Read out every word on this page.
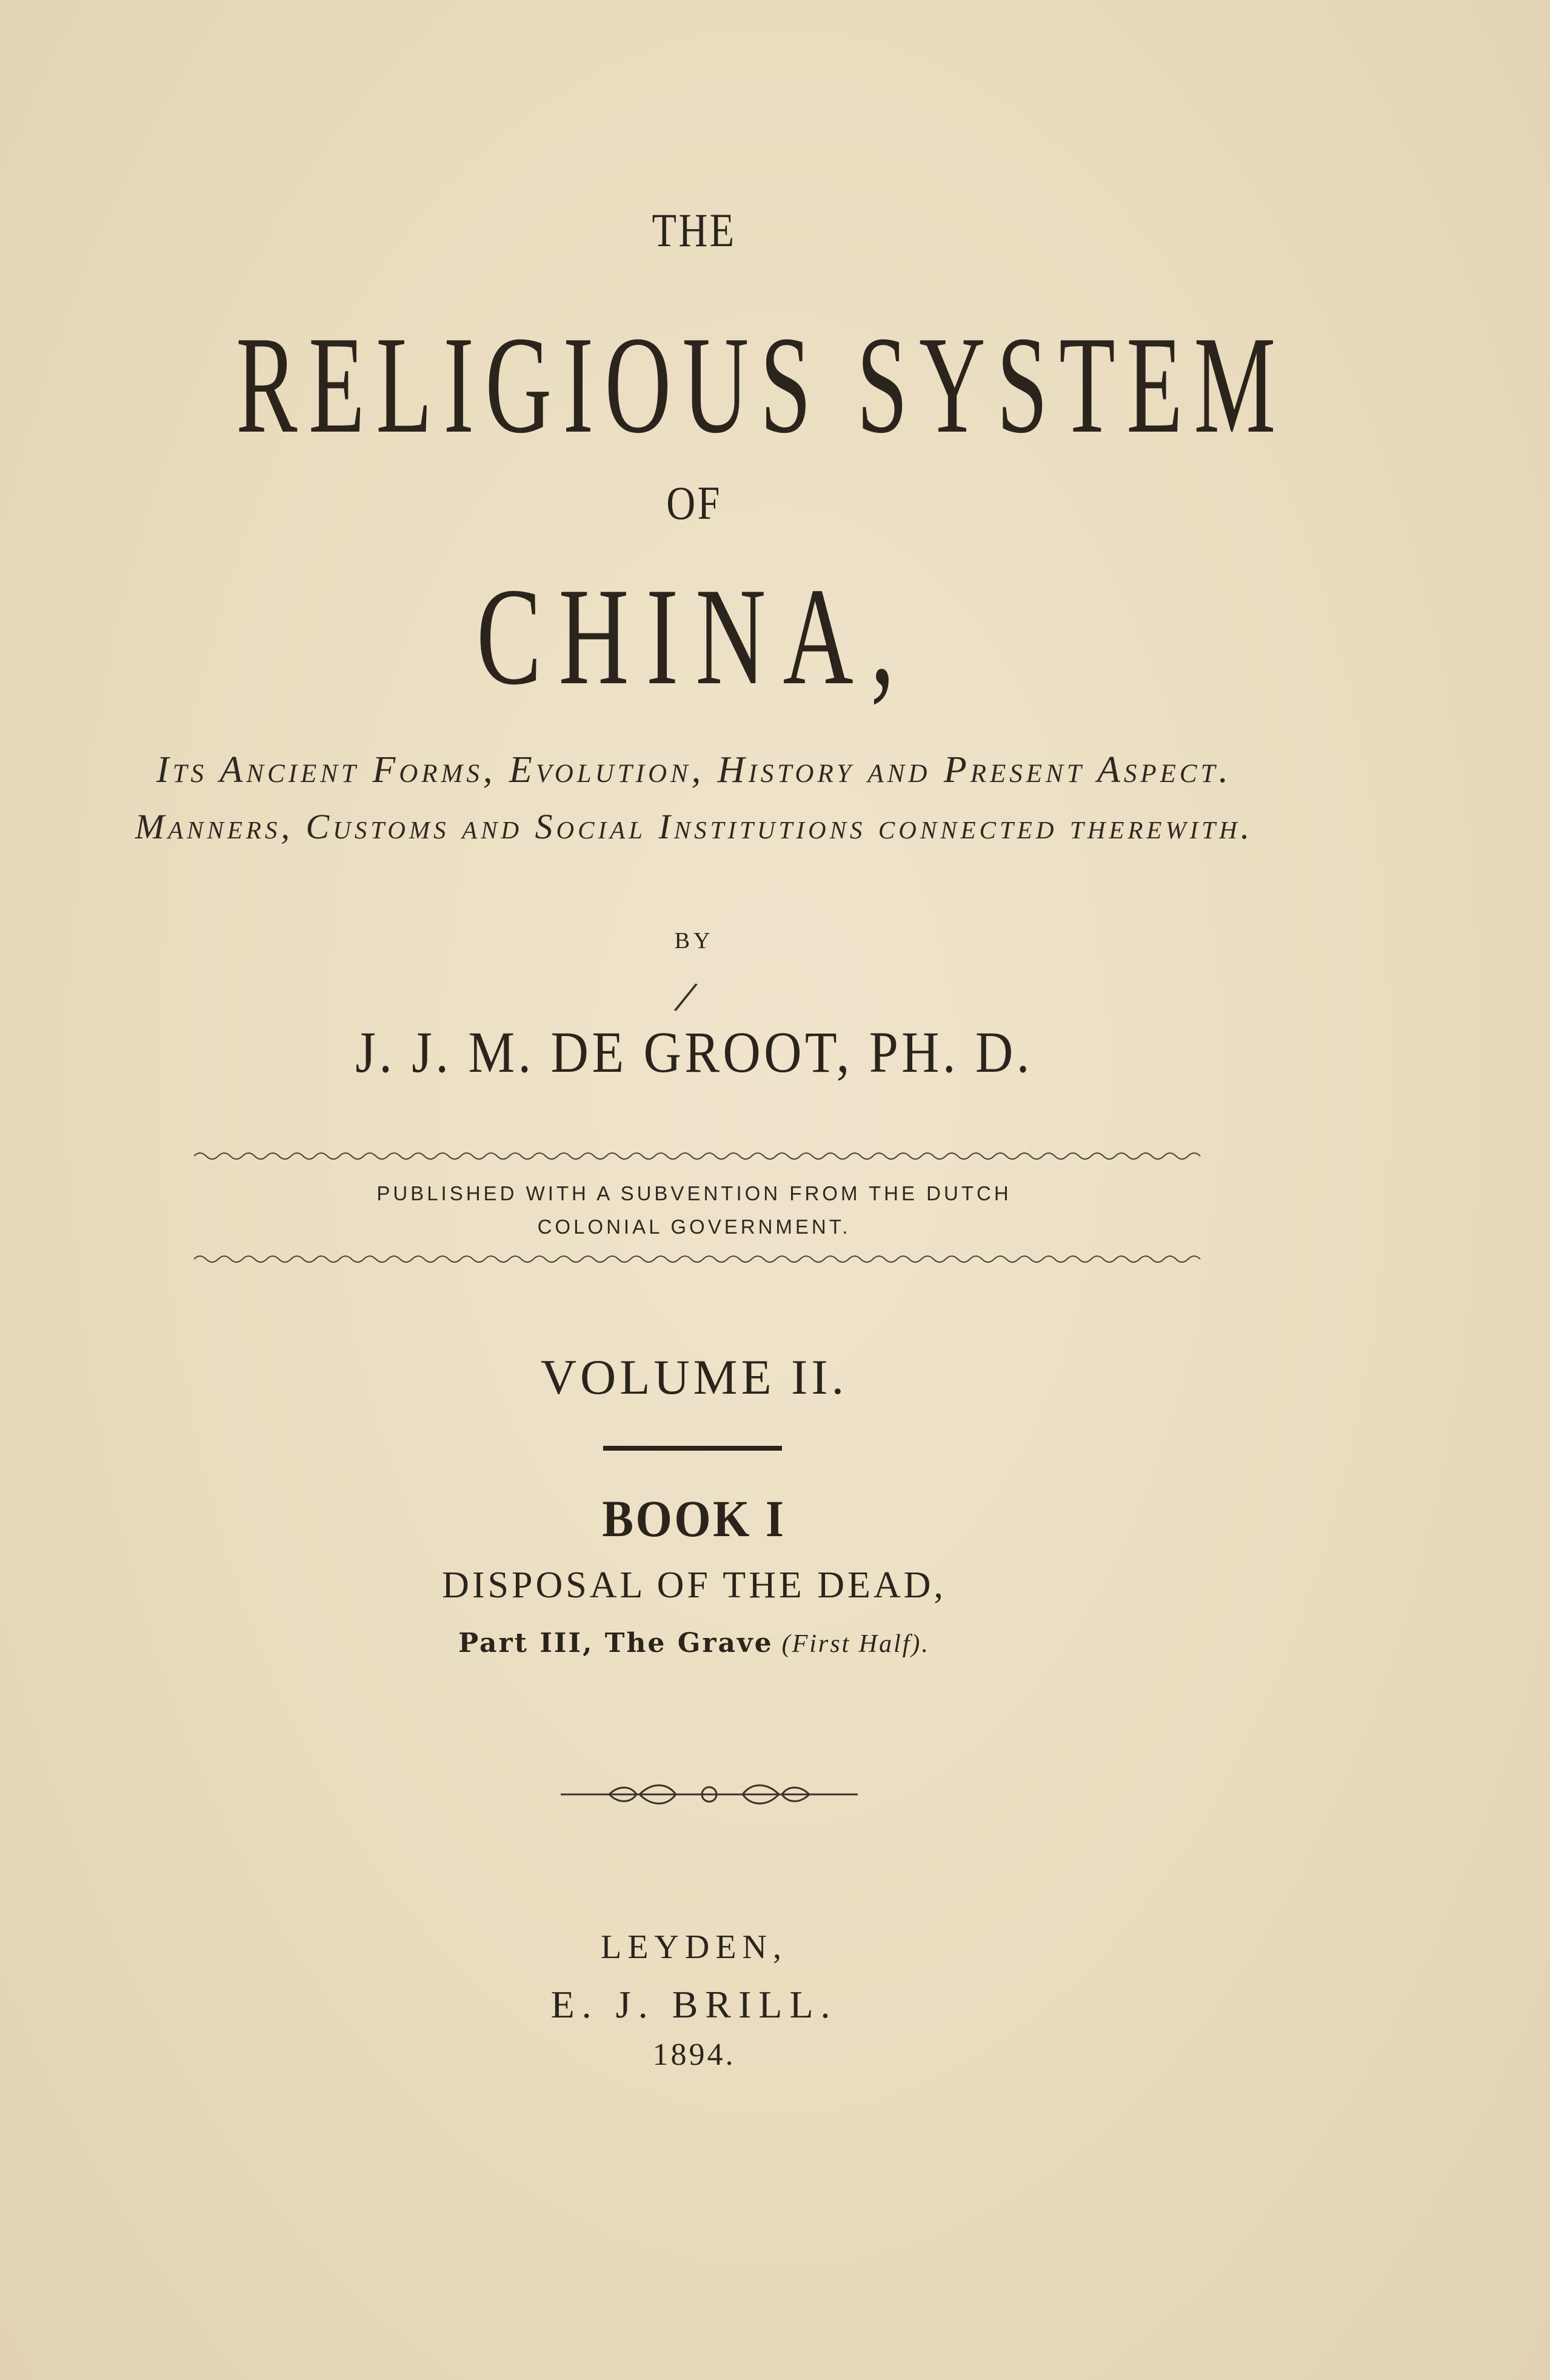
THE
RELIGIOUS SYSTEM
OF
CHINA,
Its Ancient Forms, Evolution, History and Present Aspect.
Manners, Customs and Social Institutions connected therewith.
BY
/
J. J. M. DE GROOT, PH. D.
PUBLISHED WITH A SUBVENTION FROM THE DUTCH
COLONIAL GOVERNMENT.
VOLUME II.
BOOK I
DISPOSAL OF THE DEAD,
Part III, The Grave (First Half).
LEYDEN,
E. J. BRILL.
1894.
